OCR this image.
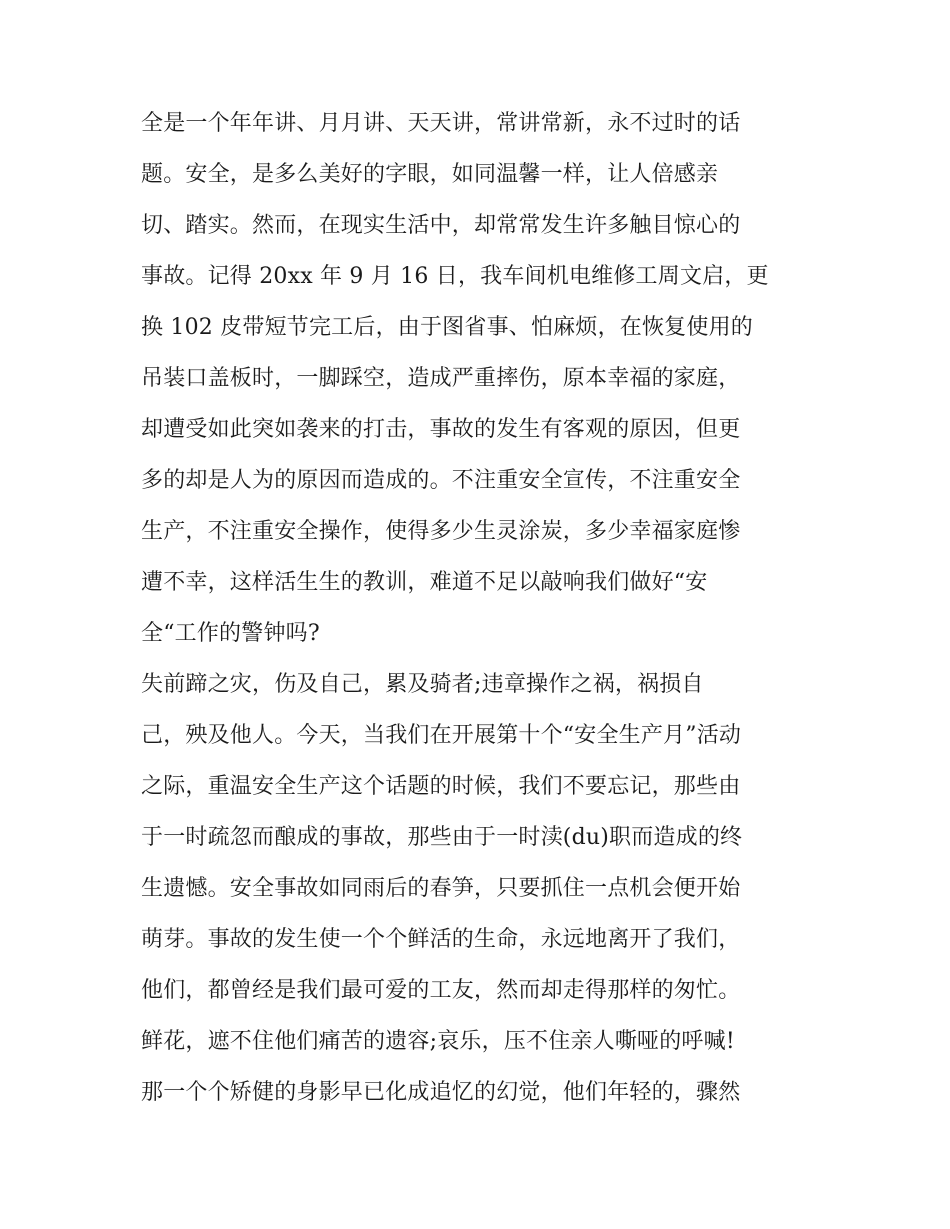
全是一个年年讲、月月讲、天天讲，常讲常新，永不过时的话
题。安全，是多么美好的字眼，如同温馨一样，让人倍感亲
切、踏实。然而，在现实生活中，却常常发生许多触目惊心的
事故。记得 20xx 年 9 月 16 日，我车间机电维修工周文启，更
换 102 皮带短节完工后，由于图省事、怕麻烦，在恢复使用的
吊装口盖板时，一脚踩空，造成严重摔伤，原本幸福的家庭，
却遭受如此突如袭来的打击，事故的发生有客观的原因，但更
多的却是人为的原因而造成的。不注重安全宣传，不注重安全
生产，不注重安全操作，使得多少生灵涂炭，多少幸福家庭惨
遭不幸，这样活生生的教训，难道不足以敲响我们做好“安
全“工作的警钟吗?
失前蹄之灾，伤及自己，累及骑者;违章操作之祸，祸损自
己，殃及他人。今天，当我们在开展第十个“安全生产月”活动
之际，重温安全生产这个话题的时候，我们不要忘记，那些由
于一时疏忽而酿成的事故，那些由于一时渎(du)职而造成的终
生遗憾。安全事故如同雨后的春笋，只要抓住一点机会便开始
萌芽。事故的发生使一个个鲜活的生命，永远地离开了我们，
他们，都曾经是我们最可爱的工友，然而却走得那样的匆忙。
鲜花，遮不住他们痛苦的遗容;哀乐，压不住亲人嘶哑的呼喊!
那一个个矫健的身影早已化成追忆的幻觉，他们年轻的，骤然
